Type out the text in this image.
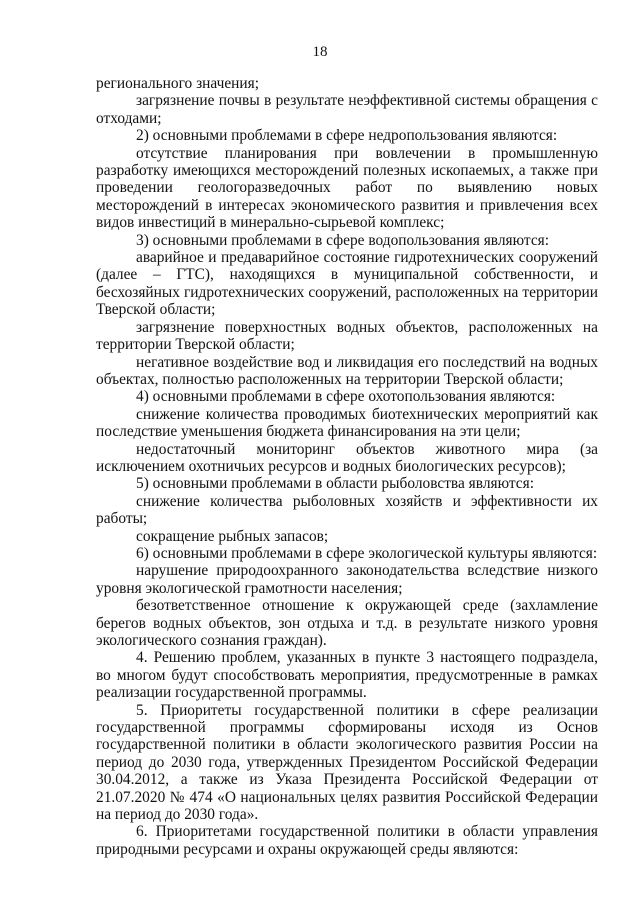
18

регионального значения;

загрязнение почвы в результате неэффективной системы обращения с отходами;

2) основными проблемами в сфере недропользования являются:

отсутствие планирования при вовлечении в промышленную разработку имеющихся месторождений полезных ископаемых, а также при проведении геологоразведочных работ по выявлению новых месторождений в интересах экономического развития и привлечения всех видов инвестиций в минерально-сырьевой комплекс;

3) основными проблемами в сфере водопользования являются:

аварийное и предаварийное состояние гидротехнических сооружений (далее – ГТС), находящихся в муниципальной собственности, и бесхозяйных гидротехнических сооружений, расположенных на территории Тверской области;

загрязнение поверхностных водных объектов, расположенных на территории Тверской области;

негативное воздействие вод и ликвидация его последствий на водных объектах, полностью расположенных на территории Тверской области;

4) основными проблемами в сфере охотопользования являются:

снижение количества проводимых биотехнических мероприятий как последствие уменьшения бюджета финансирования на эти цели;

недостаточный мониторинг объектов животного мира (за исключением охотничьих ресурсов и водных биологических ресурсов);

5) основными проблемами в области рыболовства являются:

снижение количества рыболовных хозяйств и эффективности их работы;

сокращение рыбных запасов;

6) основными проблемами в сфере экологической культуры являются:

нарушение природоохранного законодательства вследствие низкого уровня экологической грамотности населения;

безответственное отношение к окружающей среде (захламление берегов водных объектов, зон отдыха и т.д. в результате низкого уровня экологического сознания граждан).

4. Решению проблем, указанных в пункте 3 настоящего подраздела, во многом будут способствовать мероприятия, предусмотренные в рамках реализации государственной программы.

5. Приоритеты государственной политики в сфере реализации государственной программы сформированы исходя из Основ государственной политики в области экологического развития России на период до 2030 года, утвержденных Президентом Российской Федерации 30.04.2012, а также из Указа Президента Российской Федерации от 21.07.2020 № 474 «О национальных целях развития Российской Федерации на период до 2030 года».

6. Приоритетами государственной политики в области управления природными ресурсами и охраны окружающей среды являются:
